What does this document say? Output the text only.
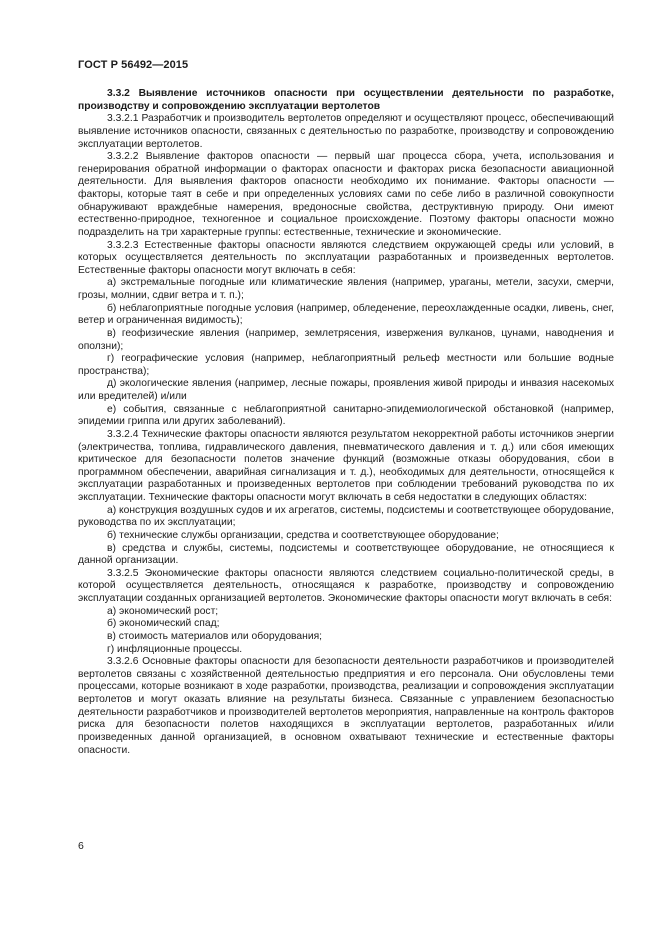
ГОСТ Р 56492—2015

3.3.2 Выявление источников опасности при осуществлении деятельности по разработке, производству и сопровождению эксплуатации вертолетов

3.3.2.1 Разработчик и производитель вертолетов определяют и осуществляют процесс, обеспечивающий выявление источников опасности, связанных с деятельностью по разработке, производству и сопровождению эксплуатации вертолетов.

3.3.2.2 Выявление факторов опасности — первый шаг процесса сбора, учета, использования и генерирования обратной информации о факторах опасности и факторах риска безопасности авиационной деятельности. Для выявления факторов опасности необходимо их понимание. Факторы опасности — факторы, которые таят в себе и при определенных условиях сами по себе либо в различной совокупности обнаруживают враждебные намерения, вредоносные свойства, деструктивную природу. Они имеют естественно-природное, техногенное и социальное происхождение. Поэтому факторы опасности можно подразделить на три характерные группы: естественные, технические и экономические.

3.3.2.3 Естественные факторы опасности являются следствием окружающей среды или условий, в которых осуществляется деятельность по эксплуатации разработанных и произведенных вертолетов. Естественные факторы опасности могут включать в себя:

а) экстремальные погодные или климатические явления (например, ураганы, метели, засухи, смерчи, грозы, молнии, сдвиг ветра и т. п.);

б) неблагоприятные погодные условия (например, обледенение, переохлажденные осадки, ливень, снег, ветер и ограниченная видимость);

в) геофизические явления (например, землетрясения, извержения вулканов, цунами, наводнения и оползни);

г) географические условия (например, неблагоприятный рельеф местности или большие водные пространства);

д) экологические явления (например, лесные пожары, проявления живой природы и инвазия насекомых или вредителей) и/или

е) события, связанные с неблагоприятной санитарно-эпидемиологической обстановкой (например, эпидемии гриппа или других заболеваний).

3.3.2.4 Технические факторы опасности являются результатом некорректной работы источников энергии (электричества, топлива, гидравлического давления, пневматического давления и т. д.) или сбоя имеющих критическое для безопасности полетов значение функций (возможные отказы оборудования, сбои в программном обеспечении, аварийная сигнализация и т. д.), необходимых для деятельности, относящейся к эксплуатации разработанных и произведенных вертолетов при соблюдении требований руководства по их эксплуатации. Технические факторы опасности могут включать в себя недостатки в следующих областях:

а) конструкция воздушных судов и их агрегатов, системы, подсистемы и соответствующее оборудование, руководства по их эксплуатации;

б) технические службы организации, средства и соответствующее оборудование;

в) средства и службы, системы, подсистемы и соответствующее оборудование, не относящиеся к данной организации.

3.3.2.5 Экономические факторы опасности являются следствием социально-политической среды, в которой осуществляется деятельность, относящаяся к разработке, производству и сопровождению эксплуатации созданных организацией вертолетов. Экономические факторы опасности могут включать в себя:

а) экономический рост;

б) экономический спад;

в) стоимость материалов или оборудования;

г) инфляционные процессы.

3.3.2.6 Основные факторы опасности для безопасности деятельности разработчиков и производителей вертолетов связаны с хозяйственной деятельностью предприятия и его персонала. Они обусловлены теми процессами, которые возникают в ходе разработки, производства, реализации и сопровождения эксплуатации вертолетов и могут оказать влияние на результаты бизнеса. Связанные с управлением безопасностью деятельности разработчиков и производителей вертолетов мероприятия, направленные на контроль факторов риска для безопасности полетов находящихся в эксплуатации вертолетов, разработанных и/или произведенных данной организацией, в основном охватывают технические и естественные факторы опасности.

6
